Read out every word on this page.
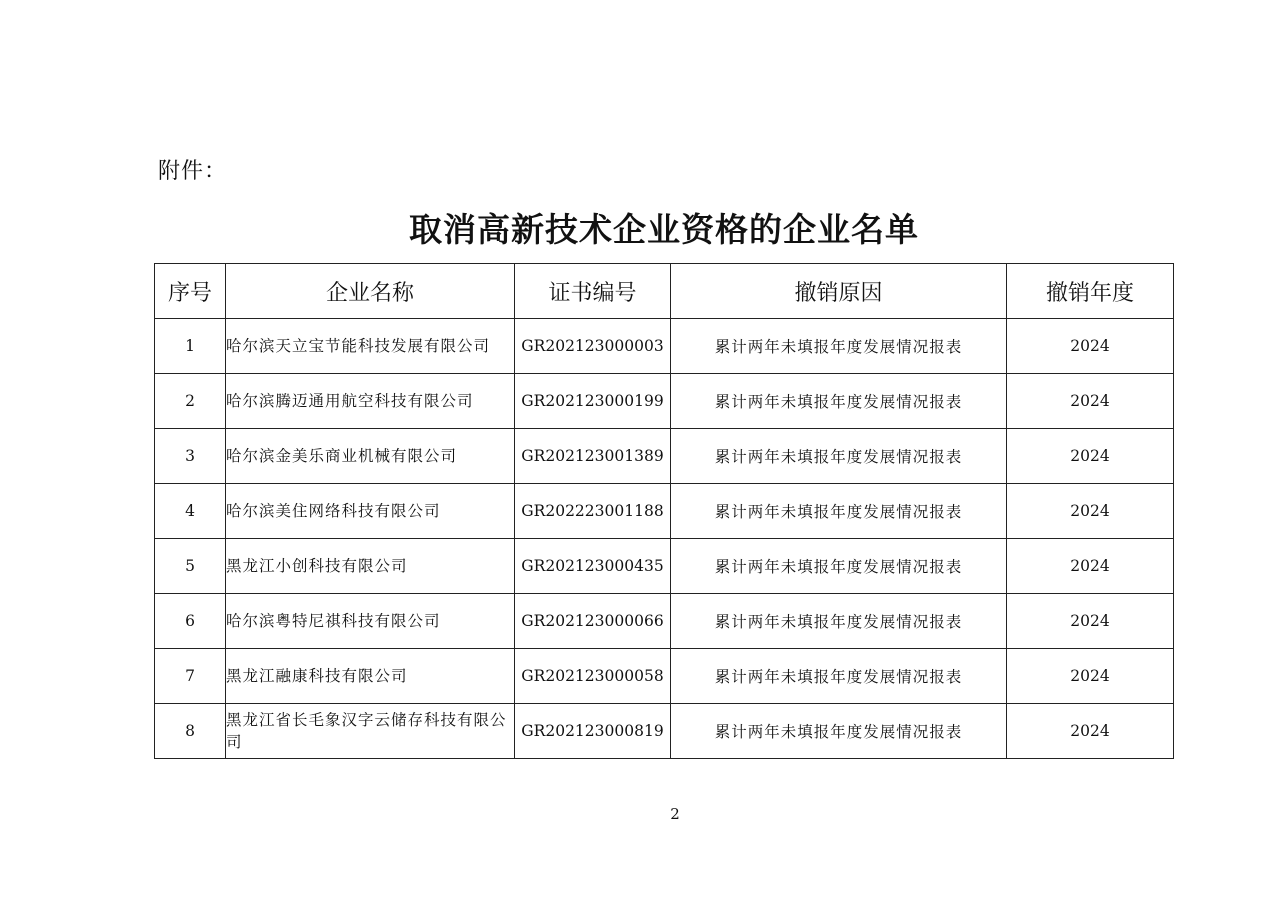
附件：
取消高新技术企业资格的企业名单
序号	企业名称	证书编号	撤销原因	撤销年度
1	哈尔滨天立宝节能科技发展有限公司	GR202123000003	累计两年未填报年度发展情况报表	2024
2	哈尔滨腾迈通用航空科技有限公司	GR202123000199	累计两年未填报年度发展情况报表	2024
3	哈尔滨金美乐商业机械有限公司	GR202123001389	累计两年未填报年度发展情况报表	2024
4	哈尔滨美住网络科技有限公司	GR202223001188	累计两年未填报年度发展情况报表	2024
5	黑龙江小创科技有限公司	GR202123000435	累计两年未填报年度发展情况报表	2024
6	哈尔滨粤特尼祺科技有限公司	GR202123000066	累计两年未填报年度发展情况报表	2024
7	黑龙江融康科技有限公司	GR202123000058	累计两年未填报年度发展情况报表	2024
8	黑龙江省长毛象汉字云储存科技有限公司	GR202123000819	累计两年未填报年度发展情况报表	2024
2
